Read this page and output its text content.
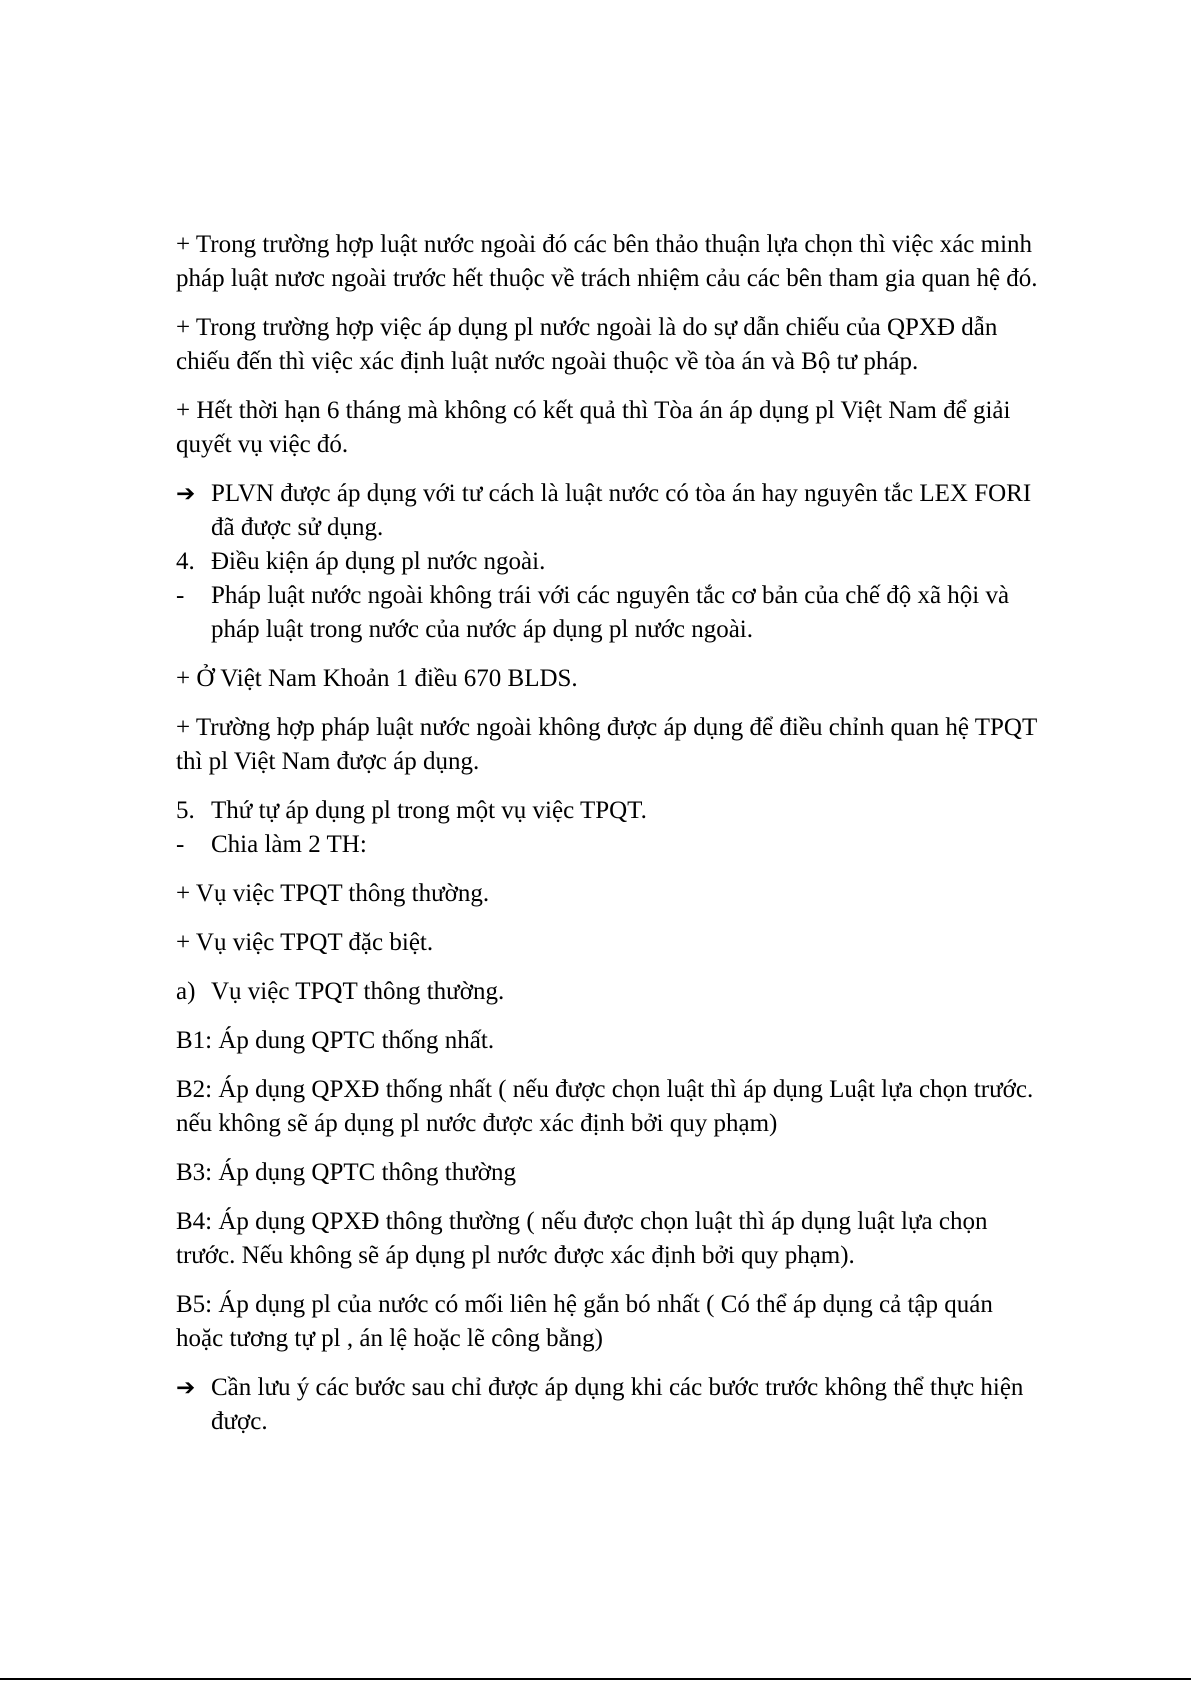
+ Trong trường hợp luật nước ngoài đó các bên thảo thuận lựa chọn thì việc xác minh pháp luật nươc ngoài trước hết thuộc về trách nhiệm cảu các bên tham gia quan hệ đó.

+ Trong trường hợp việc áp dụng pl nước ngoài là do sự dẫn chiếu của QPXĐ dẫn chiếu đến thì việc xác định luật nước ngoài thuộc về tòa án và Bộ tư pháp.

+ Hết thời hạn 6 tháng mà không có kết quả thì Tòa án áp dụng pl Việt Nam để giải quyết vụ việc đó.

➔ PLVN được áp dụng với tư cách là luật nước có tòa án hay nguyên tắc LEX FORI đã được sử dụng.
4. Điều kiện áp dụng pl nước ngoài.
- Pháp luật nước ngoài không trái với các nguyên tắc cơ bản của chế độ xã hội và pháp luật trong nước của nước áp dụng pl nước ngoài.

+ Ở Việt Nam Khoản 1 điều 670 BLDS.

+ Trường hợp pháp luật nước ngoài không được áp dụng để điều chỉnh quan hệ TPQT thì pl Việt Nam được áp dụng.

5. Thứ tự áp dụng pl trong một vụ việc TPQT.
- Chia làm 2 TH:

+ Vụ việc TPQT thông thường.

+ Vụ việc TPQT đặc biệt.

a) Vụ việc TPQT thông thường.

B1: Áp dung QPTC thống nhất.

B2: Áp dụng QPXĐ thống nhất ( nếu được chọn luật thì áp dụng Luật lựa chọn trước. nếu không sẽ áp dụng pl nước được xác định bởi quy phạm)

B3: Áp dụng QPTC thông thường

B4: Áp dụng QPXĐ thông thường ( nếu được chọn luật thì áp dụng luật lựa chọn trước. Nếu không sẽ áp dụng pl nước được xác định bởi quy phạm).

B5: Áp dụng pl của nước có mối liên hệ gắn bó nhất ( Có thể áp dụng cả tập quán hoặc tương tự pl , án lệ hoặc lẽ công bằng)

➔ Cần lưu ý các bước sau chỉ được áp dụng khi các bước trước không thể thực hiện được.
